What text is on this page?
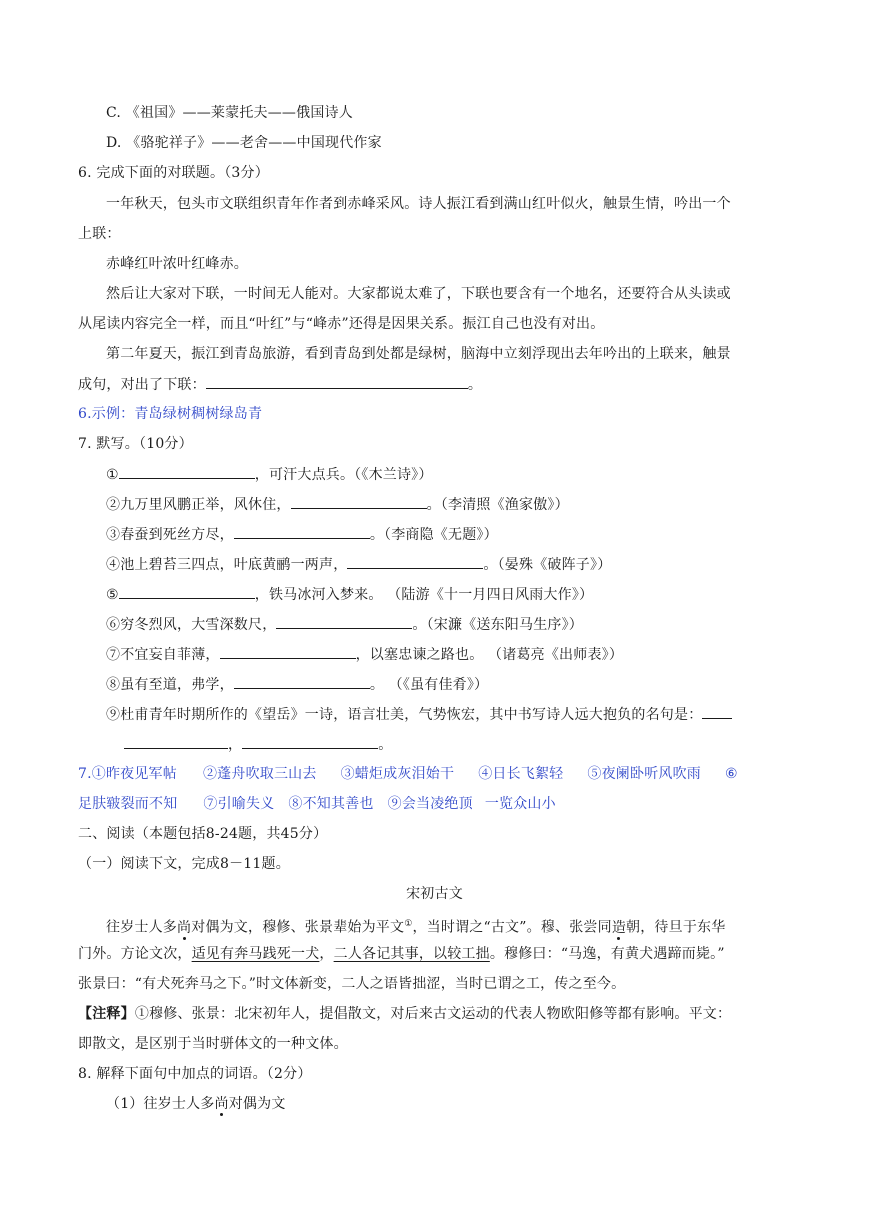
C. 《祖国》——莱蒙托夫——俄国诗人
D. 《骆驼祥子》——老舍——中国现代作家
6. 完成下面的对联题。（3分）
一年秋天，包头市文联组织青年作者到赤峰采风。诗人振江看到满山红叶似火，触景生情，吟出一个
上联：
赤峰红叶浓叶红峰赤。
然后让大家对下联，一时间无人能对。大家都说太难了，下联也要含有一个地名，还要符合从头读或
从尾读内容完全一样，而且“叶红”与“峰赤”还得是因果关系。振江自己也没有对出。
第二年夏天，振江到青岛旅游，看到青岛到处都是绿树，脑海中立刻浮现出去年吟出的上联来，触景
成句，对出了下联：	。
6.示例：青岛绿树稠树绿岛青
7. 默写。（10分）
①	，可汗大点兵。（《木兰诗》）
②九万里风鹏正举，风休住，	。（李清照《渔家傲》）
③春蚕到死丝方尽，	。（李商隐《无题》）
④池上碧苔三四点，叶底黄鹂一两声，	。（晏殊《破阵子》）
⑤	，铁马冰河入梦来。 （陆游《十一月四日风雨大作》）
⑥穷冬烈风，大雪深数尺，	。（宋濂《送东阳马生序》）
⑦不宜妄自菲薄，	，以塞忠谏之路也。 （诸葛亮《出师表》）
⑧虽有至道，弗学，	。 （《虽有佳肴》）
⑨杜甫青年时期所作的《望岳》一诗，语言壮美，气势恢宏，其中书写诗人远大抱负的名句是：
，	。
7.①昨夜见军帖 ②蓬舟吹取三山去 ③蜡炬成灰泪始干 ④日长飞絮轻 ⑤夜阑卧听风吹雨 ⑥
足肤皲裂而不知 ⑦引喻失义 ⑧不知其善也 ⑨会当凌绝顶 一览众山小
二、阅读（本题包括8-24题，共45分）
（一）阅读下文，完成8－11题。
宋初古文
往岁士人多尚对偶为文，穆修、张景辈始为平文①，当时谓之“古文”。穆、张尝同造朝，待旦于东华
门外。方论文次，适见有奔马践死一犬，二人各记其事，以较工拙。穆修曰：“马逸，有黄犬遇蹄而毙。”
张景曰：“有犬死奔马之下。”时文体新变，二人之语皆拙涩，当时已谓之工，传之至今。
【注释】①穆修、张景：北宋初年人，提倡散文，对后来古文运动的代表人物欧阳修等都有影响。平文：
即散文，是区别于当时骈体文的一种文体。
8. 解释下面句中加点的词语。（2分）
（1）往岁士人多尚对偶为文
